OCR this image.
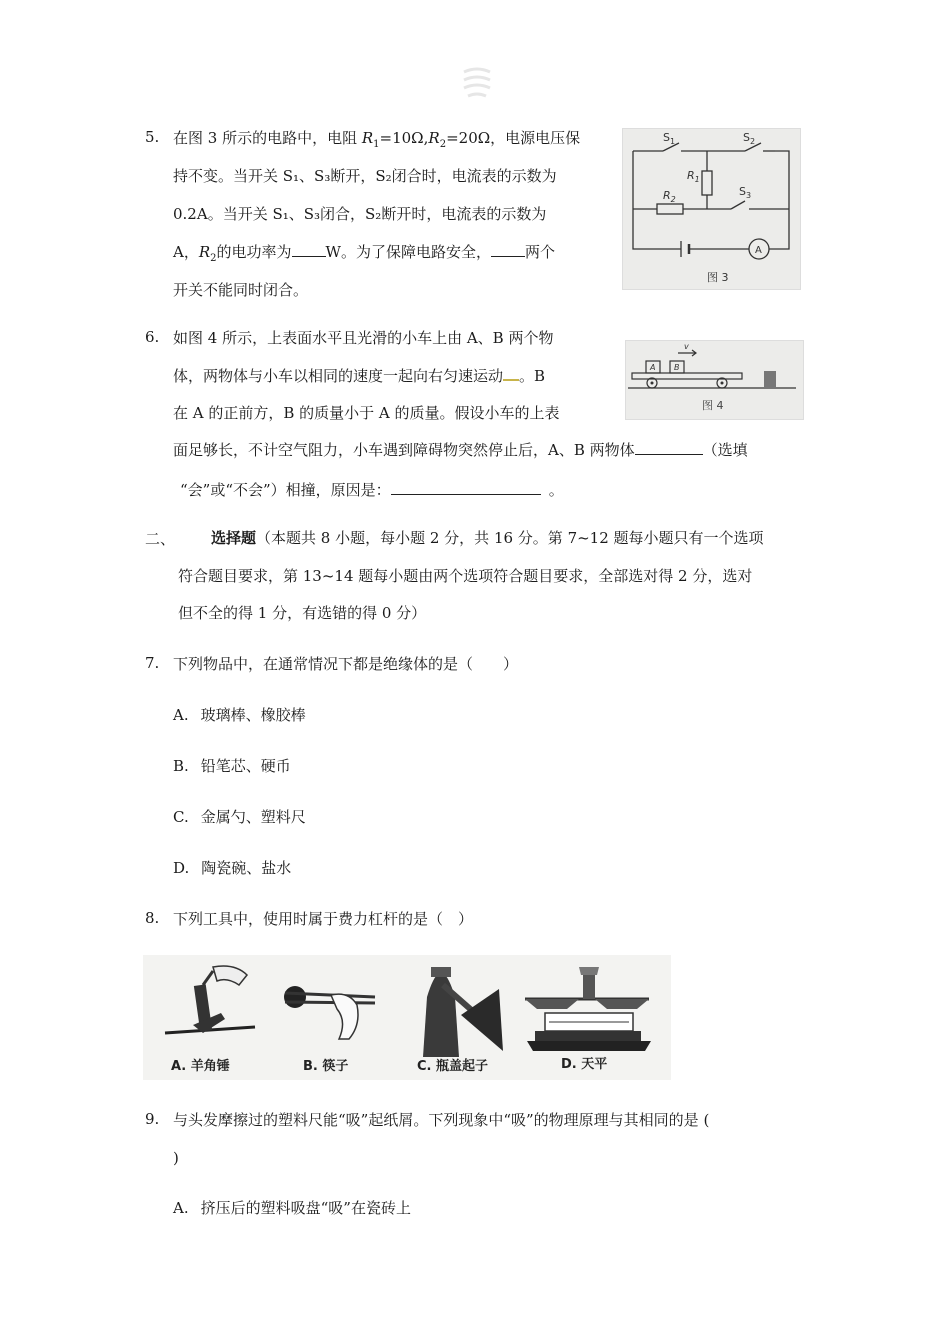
5. 在图 3 所示的电路中，电阻 $R_1=10\Omega,R_2=20\Omega$，电源电压保
持不变。当开关 S₁、S₃断开，S₂闭合时，电流表的示数为
0.2A。当开关 S₁、S₃闭合，S₂断开时，电流表的示数为
A，$R_2$的电功率为 W。为了保障电路安全， 两个
开关不能同时闭合。
$S_1$	$S_2$
$S_3$
$R_1$
$R_2$
A
图 3
6. 如图 4 所示，上表面水平且光滑的小车上由 A、B 两个物
体，两物体与小车以相同的速度一起向右匀速运动 。B
在 A 的正前方，B 的质量小于 A 的质量。假设小车的上表
面足够长，不计空气阻力，小车遇到障碍物突然停止后，A、B 两物体	（选填
“会”或“不会”）相撞，原因是：	。
A B
v
图 4
二、 选择题（本题共 8 小题，每小题 2 分，共 16 分。第 7~12 题每小题只有一个选项
符合题目要求，第 13~14 题每小题由两个选项符合题目要求，全部选对得 2 分，选对
但不全的得 1 分，有选错的得 0 分）
7. 下列物品中，在通常情况下都是绝缘体的是（　　）
A. 玻璃棒、橡胶棒
B. 铅笔芯、硬币
C. 金属勺、塑料尺
D. 陶瓷碗、盐水
8. 下列工具中，使用时属于费力杠杆的是（　）
A. 羊角锤	B. 筷子	C. 瓶盖起子	D. 天平
9. 与头发摩擦过的塑料尺能“吸”起纸屑。下列现象中“吸”的物理原理与其相同的是 (
)
A. 挤压后的塑料吸盘“吸”在瓷砖上
